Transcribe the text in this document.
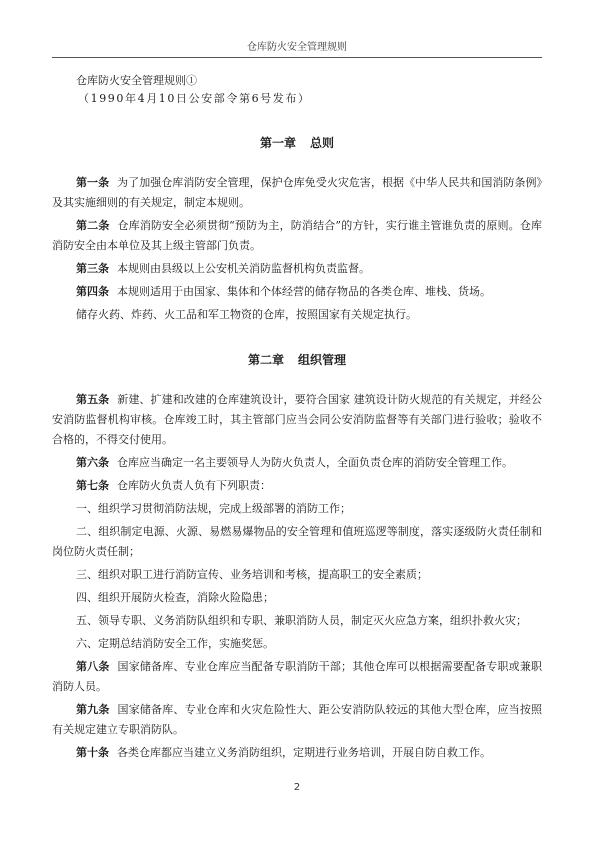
仓库防火安全管理规则
仓库防火安全管理规则①
（1990年4月10日公安部令第6号发布）
第一章 总则

第一条 为了加强仓库消防安全管理，保护仓库免受火灾危害，根据《中华人民共和国消防条例》及其实施细则的有关规定，制定本规则。

第二条 仓库消防安全必须贯彻“预防为主，防消结合”的方针，实行谁主管谁负责的原则。仓库消防安全由本单位及其上级主管部门负责。

第三条 本规则由县级以上公安机关消防监督机构负责监督。

第四条 本规则适用于由国家、集体和个体经营的储存物品的各类仓库、堆栈、货场。

储存火药、炸药、火工品和军工物资的仓库，按照国家有关规定执行。

第二章 组织管理

第五条 新建、扩建和改建的仓库建筑设计，要符合国家 建筑设计防火规范的有关规定，并经公安消防监督机构审核。仓库竣工时，其主管部门应当会同公安消防监督等有关部门进行验收；验收不合格的，不得交付使用。

第六条 仓库应当确定一名主要领导人为防火负责人，全面负责仓库的消防安全管理工作。

第七条 仓库防火负责人负有下列职责：

一、组织学习贯彻消防法规，完成上级部署的消防工作；

二、组织制定电源、火源、易燃易爆物品的安全管理和值班巡逻等制度，落实逐级防火责任制和岗位防火责任制；

三、组织对职工进行消防宣传、业务培训和考核，提高职工的安全素质；

四、组织开展防火检查，消除火险隐患；

五、领导专职、义务消防队组织和专职、兼职消防人员，制定灭火应急方案，组织扑救火灾；

六、定期总结消防安全工作，实施奖惩。

第八条 国家储备库、专业仓库应当配备专职消防干部；其他仓库可以根据需要配备专职或兼职消防人员。

第九条 国家储备库、专业仓库和火灾危险性大、距公安消防队较远的其他大型仓库，应当按照有关规定建立专职消防队。

第十条 各类仓库都应当建立义务消防组织，定期进行业务培训，开展自防自救工作。

2
